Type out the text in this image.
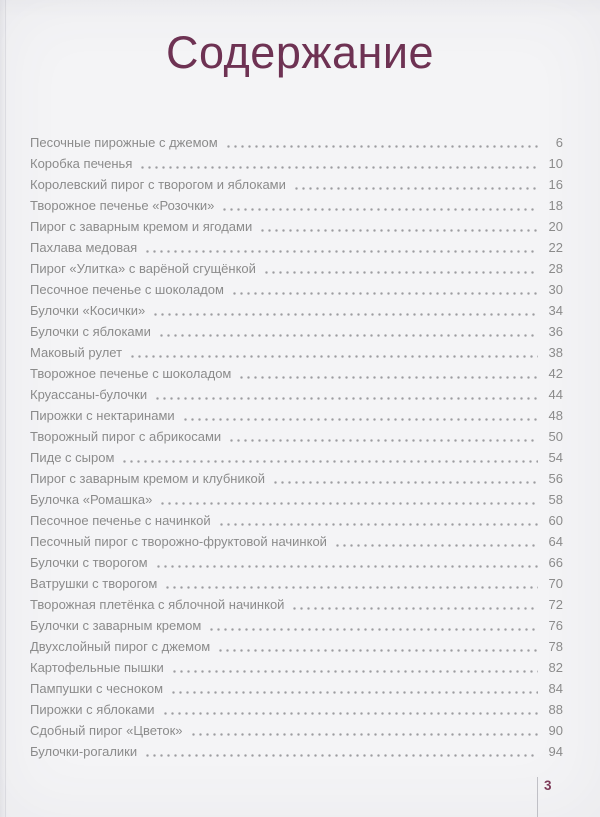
Содержание
Песочные пирожные с джемом	6
Коробка печенья	10
Королевский пирог с творогом и яблоками	16
Творожное печенье «Розочки»	18
Пирог с заварным кремом и ягодами	20
Пахлава медовая	22
Пирог «Улитка» с варёной сгущёнкой	28
Песочное печенье с шоколадом	30
Булочки «Косички»	34
Булочки с яблоками	36
Маковый рулет	38
Творожное печенье с шоколадом	42
Круассаны-булочки	44
Пирожки с нектаринами	48
Творожный пирог с абрикосами	50
Пиде с сыром	54
Пирог с заварным кремом и клубникой	56
Булочка «Ромашка»	58
Песочное печенье с начинкой	60
Песочный пирог с творожно-фруктовой начинкой	64
Булочки с творогом	66
Ватрушки с творогом	70
Творожная плетёнка с яблочной начинкой	72
Булочки с заварным кремом	76
Двухслойный пирог с джемом	78
Картофельные пышки	82
Пампушки с чесноком	84
Пирожки с яблоками	88
Сдобный пирог «Цветок»	90
Булочки-рогалики	94
3
